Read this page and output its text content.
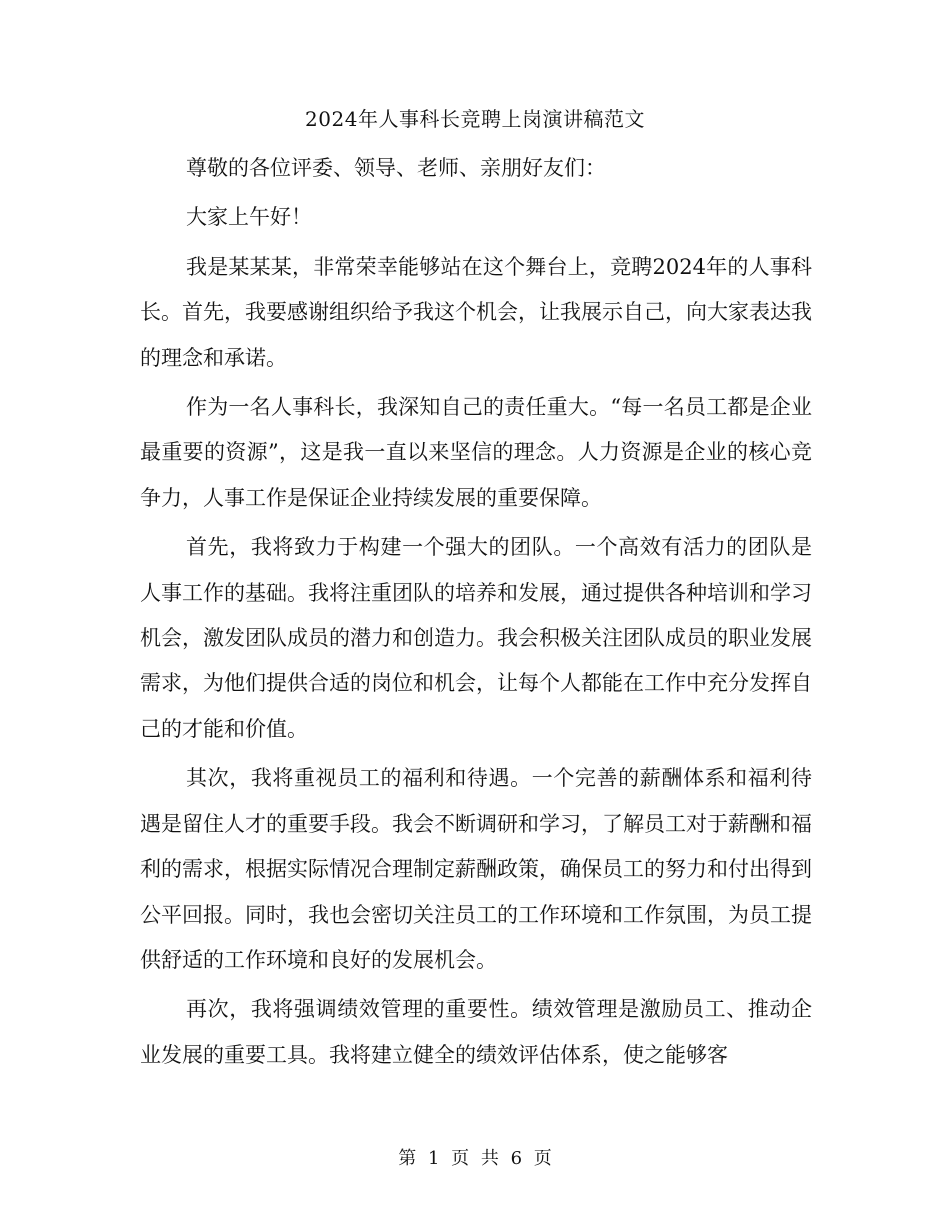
2024年人事科长竞聘上岗演讲稿范文

尊敬的各位评委、领导、老师、亲朋好友们：

大家上午好！

我是某某某，非常荣幸能够站在这个舞台上，竞聘2024年的人事科长。首先，我要感谢组织给予我这个机会，让我展示自己，向大家表达我的理念和承诺。

作为一名人事科长，我深知自己的责任重大。“每一名员工都是企业最重要的资源”，这是我一直以来坚信的理念。人力资源是企业的核心竞争力，人事工作是保证企业持续发展的重要保障。

首先，我将致力于构建一个强大的团队。一个高效有活力的团队是人事工作的基础。我将注重团队的培养和发展，通过提供各种培训和学习机会，激发团队成员的潜力和创造力。我会积极关注团队成员的职业发展需求，为他们提供合适的岗位和机会，让每个人都能在工作中充分发挥自己的才能和价值。

其次，我将重视员工的福利和待遇。一个完善的薪酬体系和福利待遇是留住人才的重要手段。我会不断调研和学习，了解员工对于薪酬和福利的需求，根据实际情况合理制定薪酬政策，确保员工的努力和付出得到公平回报。同时，我也会密切关注员工的工作环境和工作氛围，为员工提供舒适的工作环境和良好的发展机会。

再次，我将强调绩效管理的重要性。绩效管理是激励员工、推动企业发展的重要工具。我将建立健全的绩效评估体系，使之能够客

第 1 页 共 6 页
